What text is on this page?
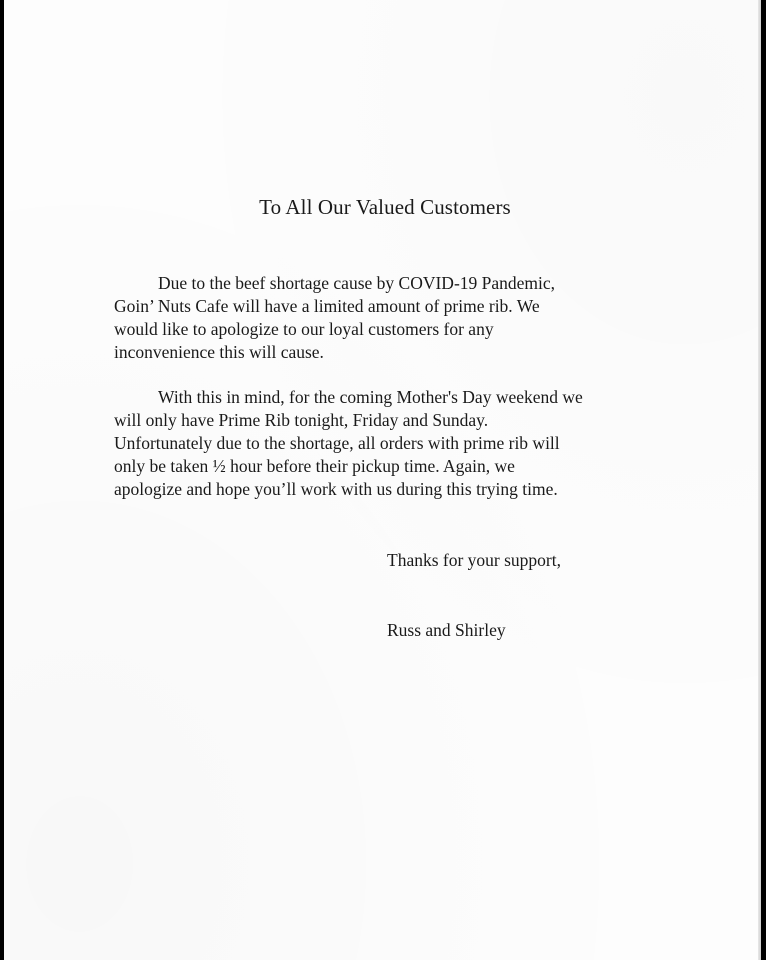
To All Our Valued Customers

Due to the beef shortage cause by COVID-19 Pandemic,
Goin’ Nuts Cafe will have a limited amount of prime rib. We
would like to apologize to our loyal customers for any
inconvenience this will cause.

With this in mind, for the coming Mother's Day weekend we
will only have Prime Rib tonight, Friday and Sunday.
Unfortunately due to the shortage, all orders with prime rib will
only be taken ½ hour before their pickup time. Again, we
apologize and hope you’ll work with us during this trying time.

Thanks for your support,
Russ and Shirley
